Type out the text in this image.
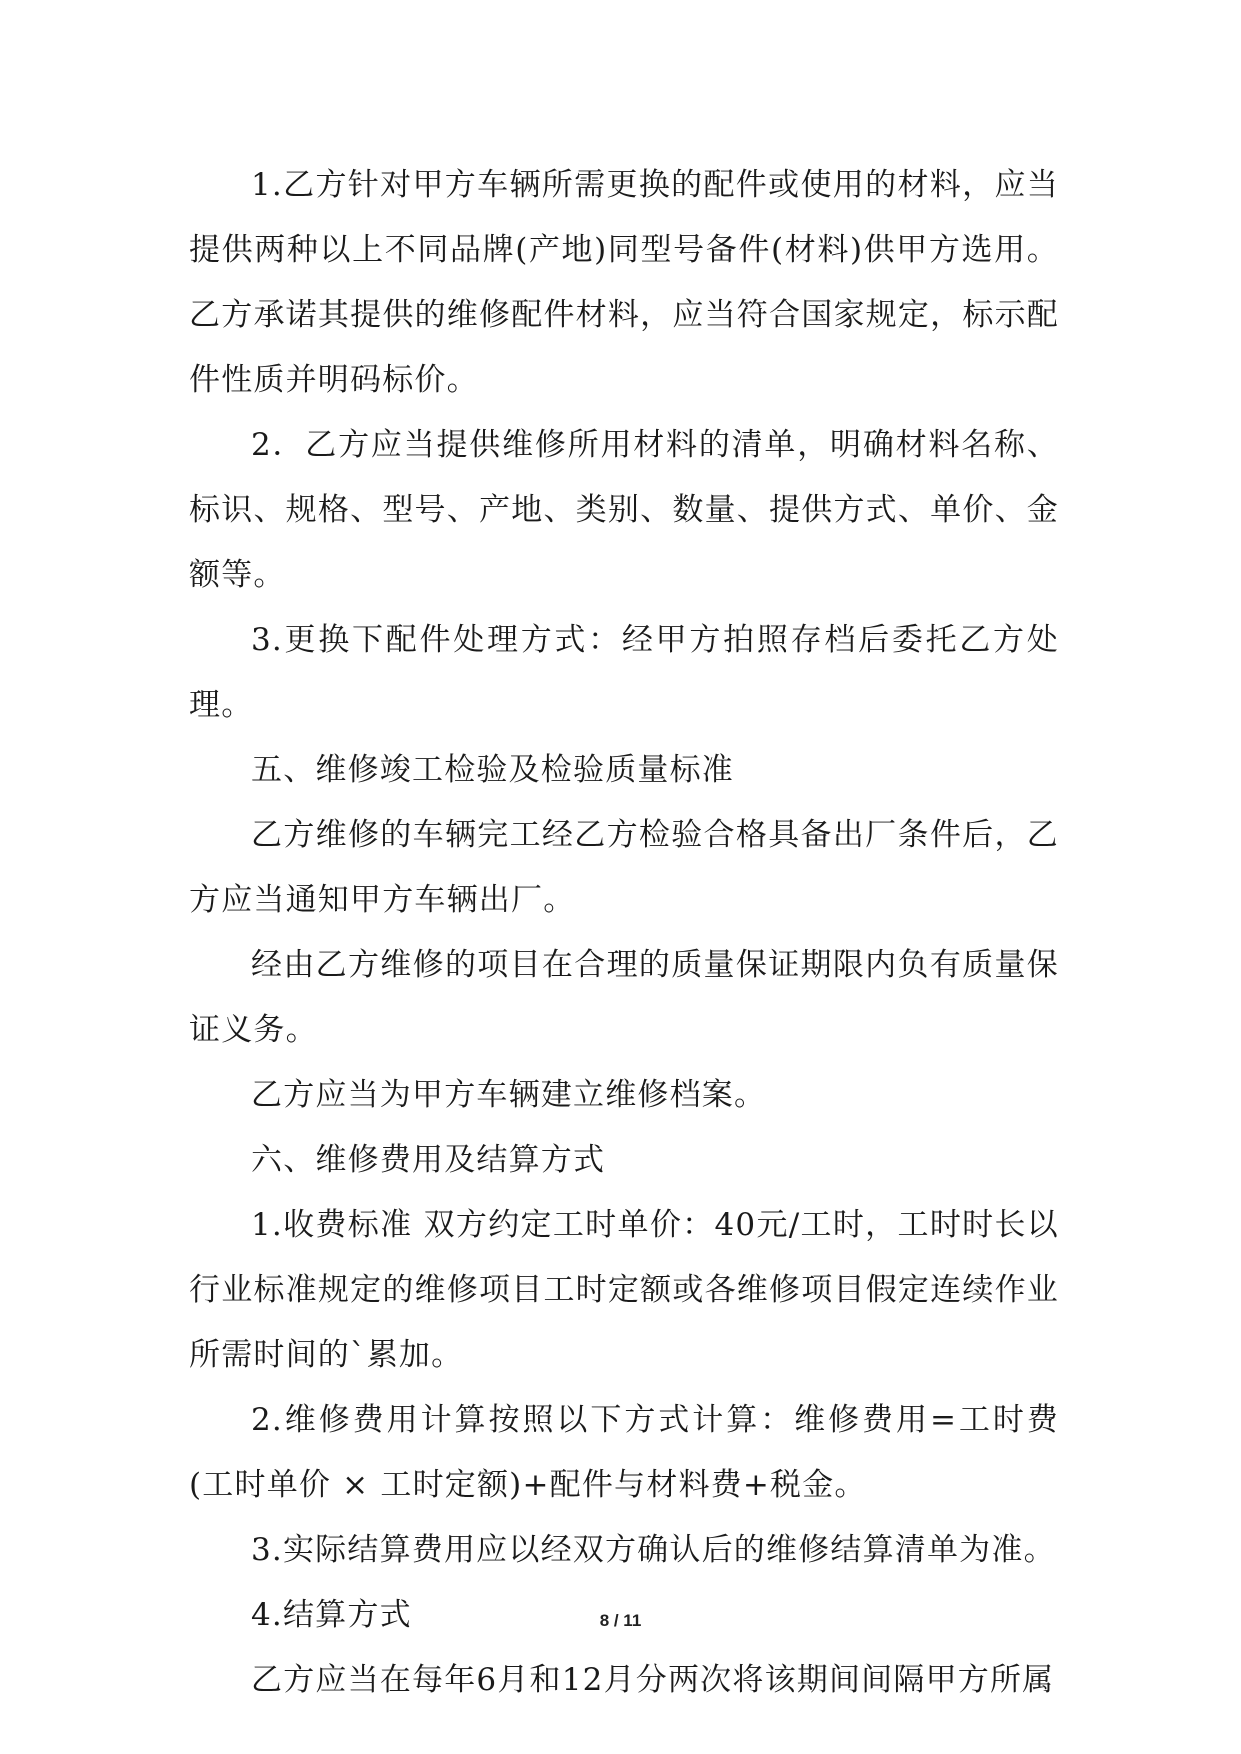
1.乙方针对甲方车辆所需更换的配件或使用的材料，应当提供两种以上不同品牌(产地)同型号备件(材料)供甲方选用。乙方承诺其提供的维修配件材料，应当符合国家规定，标示配件性质并明码标价。

2．乙方应当提供维修所用材料的清单，明确材料名称、标识、规格、型号、产地、类别、数量、提供方式、单价、金额等。

3.更换下配件处理方式：经甲方拍照存档后委托乙方处理。

五、维修竣工检验及检验质量标准

乙方维修的车辆完工经乙方检验合格具备出厂条件后，乙方应当通知甲方车辆出厂。

经由乙方维修的项目在合理的质量保证期限内负有质量保证义务。

乙方应当为甲方车辆建立维修档案。

六、维修费用及结算方式

1.收费标准 双方约定工时单价：40元/工时，工时时长以行业标准规定的维修项目工时定额或各维修项目假定连续作业所需时间的`累加。

2.维修费用计算按照以下方式计算：维修费用=工时费(工时单价 × 工时定额)+配件与材料费+税金。

3.实际结算费用应以经双方确认后的维修结算清单为准。

4.结算方式

乙方应当在每年6月和12月分两次将该期间间隔甲方所属

8 / 11
